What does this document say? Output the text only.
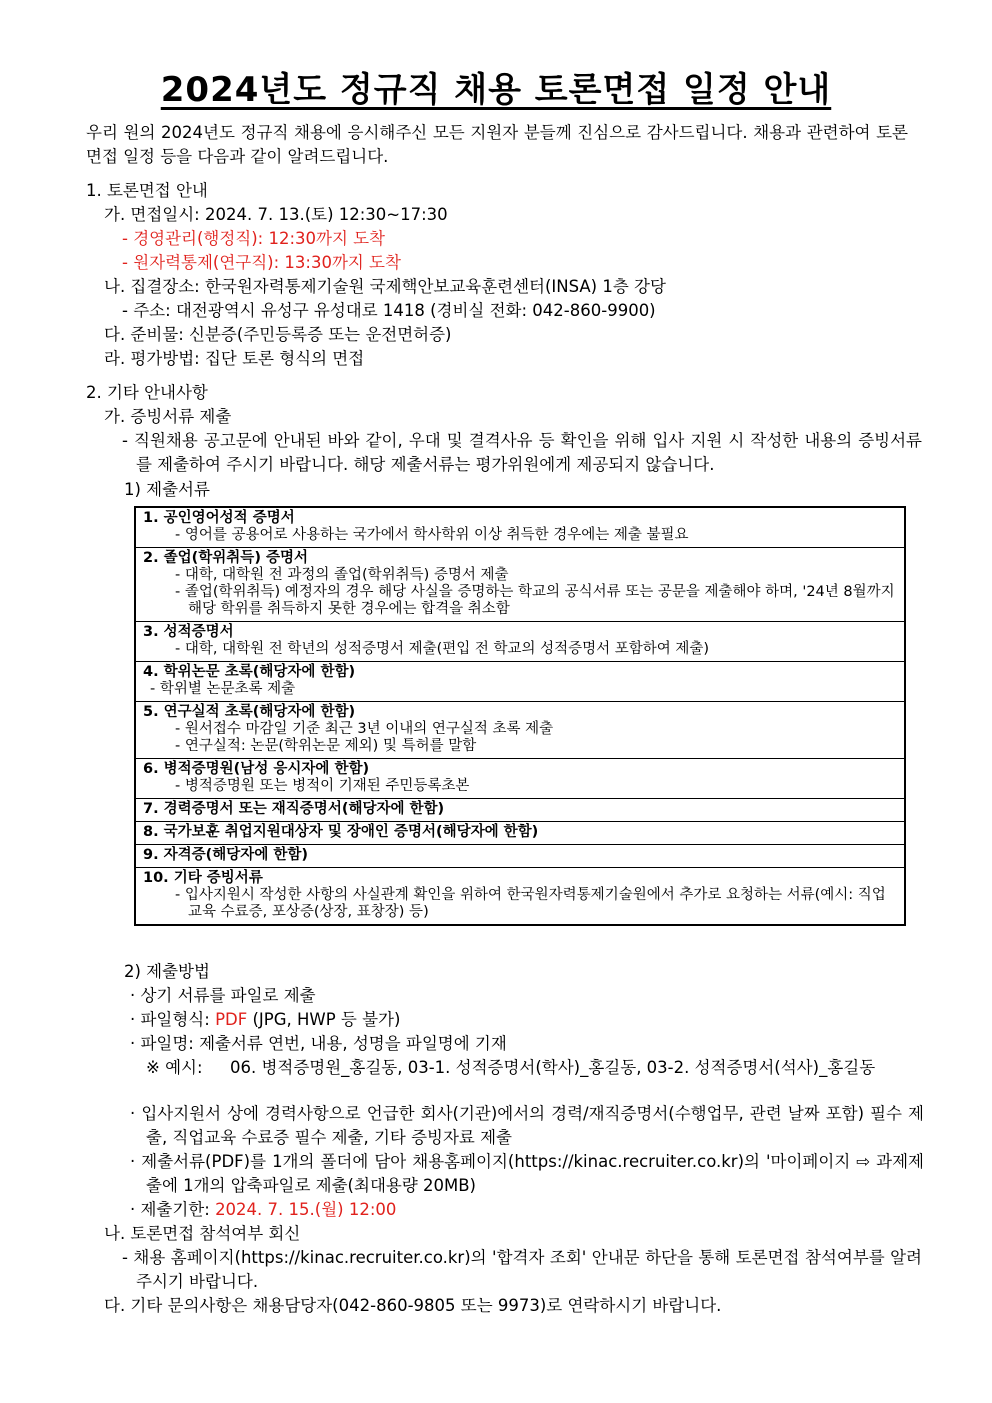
2024년도 정규직 채용 토론면접 일정 안내
우리 원의 2024년도 정규직 채용에 응시해주신 모든 지원자 분들께 진심으로 감사드립니다. 채용과 관련하여 토론면접 일정 등을 다음과 같이 알려드립니다.
1. 토론면접 안내
가. 면접일시: 2024. 7. 13.(토) 12:30~17:30
- 경영관리(행정직): 12:30까지 도착
- 원자력통제(연구직): 13:30까지 도착
나. 집결장소: 한국원자력통제기술원 국제핵안보교육훈련센터(INSA) 1층 강당
- 주소: 대전광역시 유성구 유성대로 1418 (경비실 전화: 042-860-9900)
다. 준비물: 신분증(주민등록증 또는 운전면허증)
라. 평가방법: 집단 토론 형식의 면접
2. 기타 안내사항
가. 증빙서류 제출
- 직원채용 공고문에 안내된 바와 같이, 우대 및 결격사유 등 확인을 위해 입사 지원 시 작성한 내용의 증빙서류를 제출하여 주시기 바랍니다. 해당 제출서류는 평가위원에게 제공되지 않습니다.
1) 제출서류
1. 공인영어성적 증명서
- 영어를 공용어로 사용하는 국가에서 학사학위 이상 취득한 경우에는 제출 불필요

2. 졸업(학위취득) 증명서
- 대학, 대학원 전 과정의 졸업(학위취득) 증명서 제출
- 졸업(학위취득) 예정자의 경우 해당 사실을 증명하는 학교의 공식서류 또는 공문을 제출해야 하며, '24년 8월까지 해당 학위를 취득하지 못한 경우에는 합격을 취소함

3. 성적증명서
- 대학, 대학원 전 학년의 성적증명서 제출(편입 전 학교의 성적증명서 포함하여 제출)

4. 학위논문 초록(해당자에 한함)
- 학위별 논문초록 제출

5. 연구실적 초록(해당자에 한함)
- 원서접수 마감일 기준 최근 3년 이내의 연구실적 초록 제출
- 연구실적: 논문(학위논문 제외) 및 특허를 말함

6. 병적증명원(남성 응시자에 한함)
- 병적증명원 또는 병적이 기재된 주민등록초본

7. 경력증명서 또는 재직증명서(해당자에 한함)

8. 국가보훈 취업지원대상자 및 장애인 증명서(해당자에 한함)

9. 자격증(해당자에 한함)

10. 기타 증빙서류
- 입사지원시 작성한 사항의 사실관계 확인을 위하여 한국원자력통제기술원에서 추가로 요청하는 서류(예시: 직업교육 수료증, 포상증(상장, 표창장) 등)
2) 제출방법
· 상기 서류를 파일로 제출
· 파일형식: PDF (JPG, HWP 등 불가)
· 파일명: 제출서류 연번, 내용, 성명을 파일명에 기재
※ 예시: 06. 병적증명원_홍길동, 03-1. 성적증명서(학사)_홍길동, 03-2. 성적증명서(석사)_홍길동
· 입사지원서 상에 경력사항으로 언급한 회사(기관)에서의 경력/재직증명서(수행업무, 관련 날짜 포함) 필수 제출, 직업교육 수료증 필수 제출, 기타 증빙자료 제출
· 제출서류(PDF)를 1개의 폴더에 담아 채용홈페이지(https://kinac.recruiter.co.kr)의 '마이페이지 ⇨ 과제제출에 1개의 압축파일로 제출(최대용량 20MB)
· 제출기한: 2024. 7. 15.(월) 12:00
나. 토론면접 참석여부 회신
- 채용 홈페이지(https://kinac.recruiter.co.kr)의 '합격자 조회' 안내문 하단을 통해 토론면접 참석여부를 알려주시기 바랍니다.
다. 기타 문의사항은 채용담당자(042-860-9805 또는 9973)로 연락하시기 바랍니다.
